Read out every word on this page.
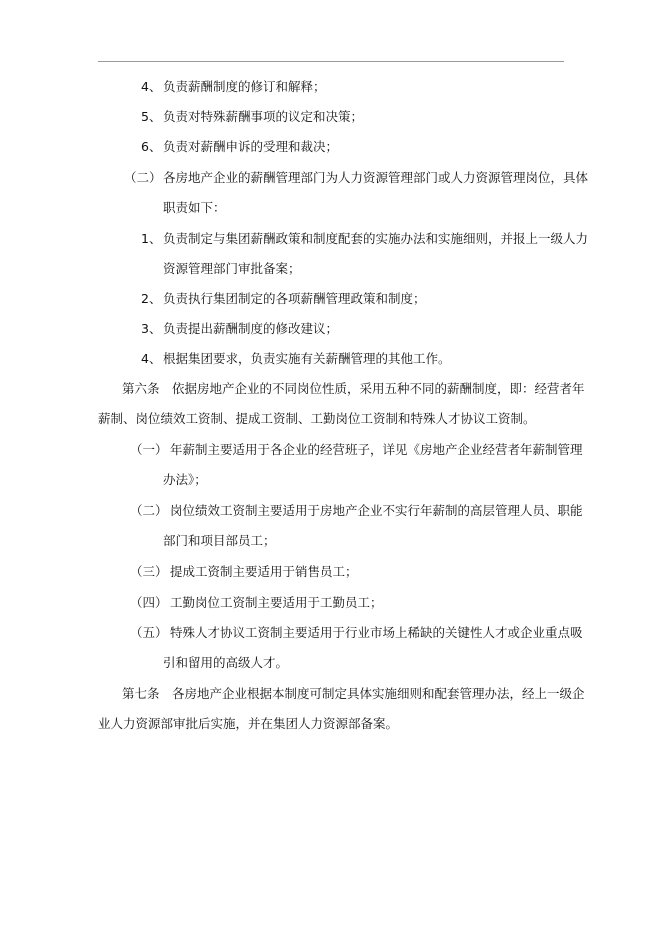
4、 负责薪酬制度的修订和解释；
5、 负责对特殊薪酬事项的议定和决策；
6、 负责对薪酬申诉的受理和裁决；
（二） 各房地产企业的薪酬管理部门为人力资源管理部门或人力资源管理岗位，具体
职责如下：
1、 负责制定与集团薪酬政策和制度配套的实施办法和实施细则，并报上一级人力
资源管理部门审批备案；
2、 负责执行集团制定的各项薪酬管理政策和制度；
3、 负责提出薪酬制度的修改建议；
4、 根据集团要求，负责实施有关薪酬管理的其他工作。
第六条　依据房地产企业的不同岗位性质，采用五种不同的薪酬制度，即：经营者年
薪制、岗位绩效工资制、提成工资制、工勤岗位工资制和特殊人才协议工资制。
（一） 年薪制主要适用于各企业的经营班子，详见《房地产企业经营者年薪制管理
办法》；
（二） 岗位绩效工资制主要适用于房地产企业不实行年薪制的高层管理人员、职能
部门和项目部员工；
（三） 提成工资制主要适用于销售员工；
（四） 工勤岗位工资制主要适用于工勤员工；
（五） 特殊人才协议工资制主要适用于行业市场上稀缺的关键性人才或企业重点吸
引和留用的高级人才。
第七条　各房地产企业根据本制度可制定具体实施细则和配套管理办法，经上一级企
业人力资源部审批后实施，并在集团人力资源部备案。
